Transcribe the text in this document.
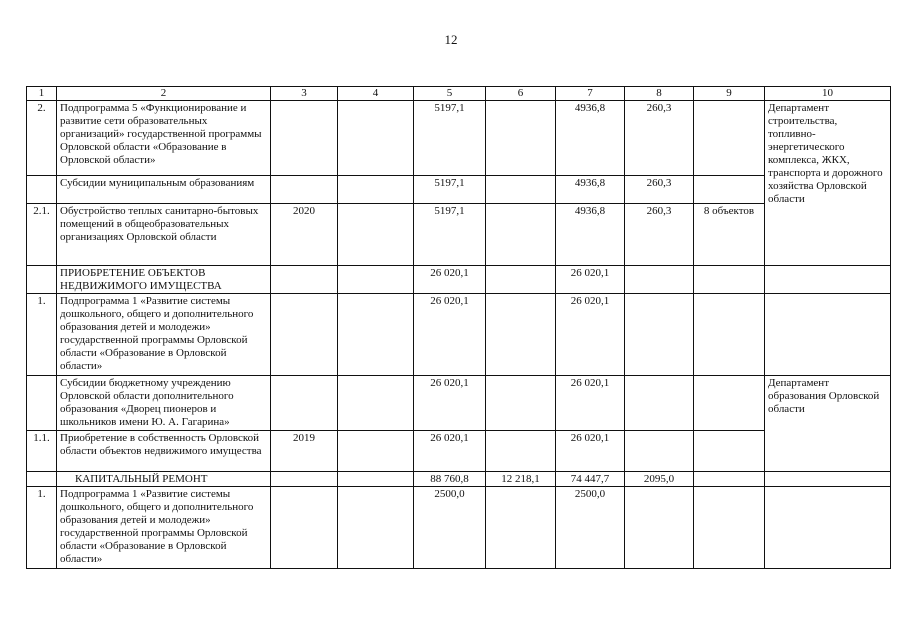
12
1	2	3	4	5	6	7	8	9	10
2.	Подпрограмма 5 «Функционирование и развитие сети образовательных организаций» государственной программы Орловской области «Образование в Орловской области»			5197,1		4936,8	260,3		Департамент строительства, топливно-энергетического комплекса, ЖКХ, транспорта и дорожного хозяйства Орловской области
	Субсидии муниципальным образованиям			5197,1		4936,8	260,3		
2.1.	Обустройство теплых санитарно-бытовых помещений в общеобразовательных организациях Орловской области	2020		5197,1		4936,8	260,3	8 объектов	
	ПРИОБРЕТЕНИЕ ОБЪЕКТОВ НЕДВИЖИМОГО ИМУЩЕСТВА			26 020,1		26 020,1			
1.	Подпрограмма 1 «Развитие системы дошкольного, общего и дополнительного образования детей и молодежи» государственной программы Орловской области «Образование в Орловской области»			26 020,1		26 020,1			
	Субсидии бюджетному учреждению Орловской области дополнительного образования «Дворец пионеров и школьников имени Ю. А. Гагарина»			26 020,1		26 020,1			Департамент образования Орловской области
1.1.	Приобретение в собственность Орловской области объектов недвижимого имущества	2019		26 020,1		26 020,1			
	КАПИТАЛЬНЫЙ РЕМОНТ			88 760,8	12 218,1	74 447,7	2095,0		
1.	Подпрограмма 1 «Развитие системы дошкольного, общего и дополнительного образования детей и молодежи» государственной программы Орловской области «Образование в Орловской области»			2500,0		2500,0			
